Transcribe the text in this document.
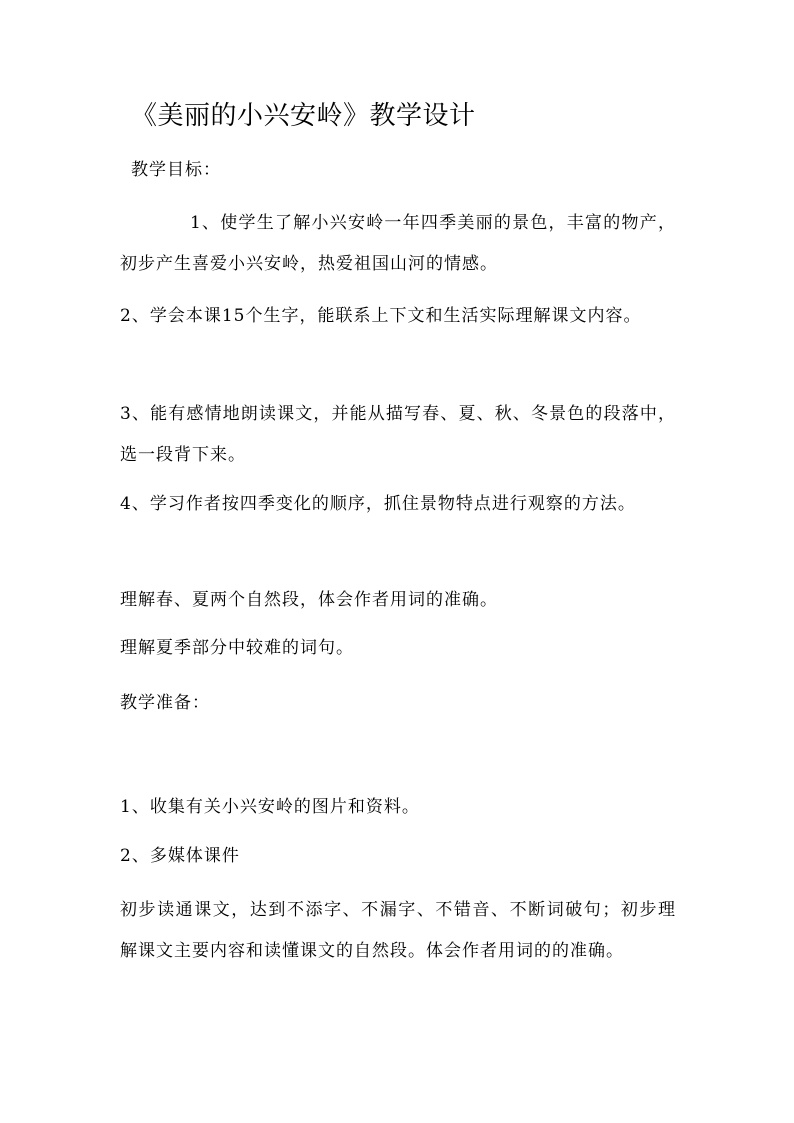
《美丽的小兴安岭》教学设计
教学目标：
1、使学生了解小兴安岭一年四季美丽的景色，丰富的物产，初步产生喜爱小兴安岭，热爱祖国山河的情感。
2、学会本课15个生字，能联系上下文和生活实际理解课文内容。
3、能有感情地朗读课文，并能从描写春、夏、秋、冬景色的段落中，选一段背下来。
4、学习作者按四季变化的顺序，抓住景物特点进行观察的方法。
理解春、夏两个自然段，体会作者用词的准确。
理解夏季部分中较难的词句。
教学准备：
1、收集有关小兴安岭的图片和资料。
2、多媒体课件
初步读通课文，达到不添字、不漏字、不错音、不断词破句；初步理解课文主要内容和读懂课文的自然段。体会作者用词的的准确。
